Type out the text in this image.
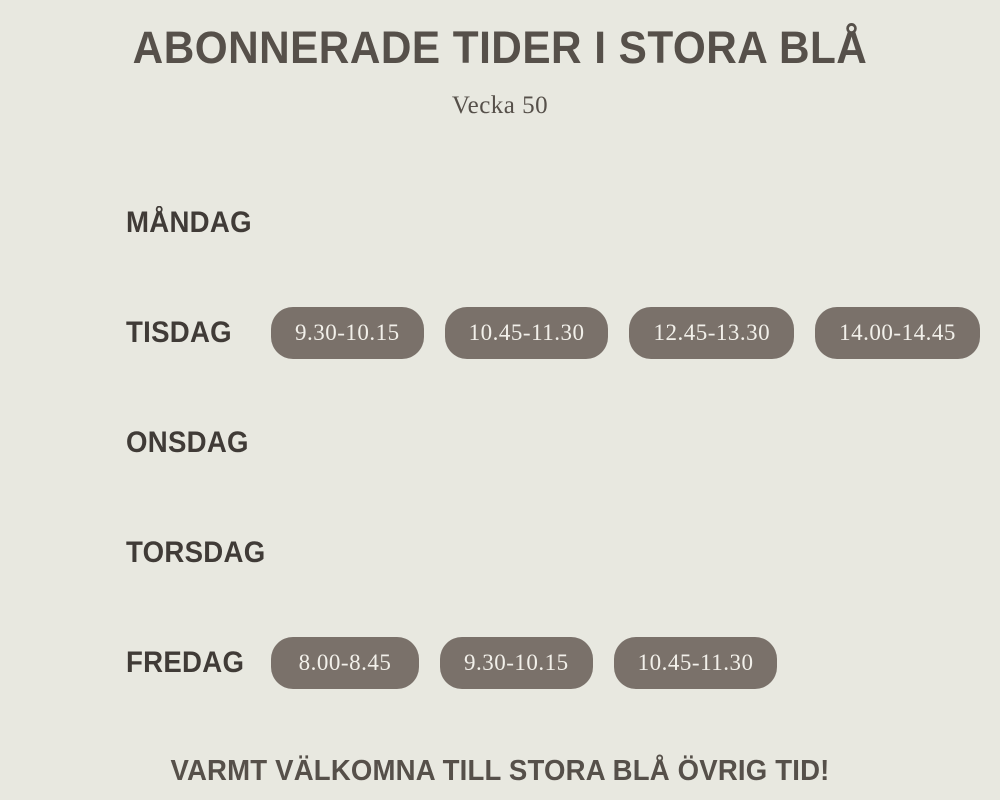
ABONNERADE TIDER I STORA BLÅ
Vecka 50
MÅNDAG
TISDAG	9.30-10.15	10.45-11.30	12.45-13.30	14.00-14.45
ONSDAG
TORSDAG
FREDAG	8.00-8.45	9.30-10.15	10.45-11.30
VARMT VÄLKOMNA TILL STORA BLÅ ÖVRIG TID!
